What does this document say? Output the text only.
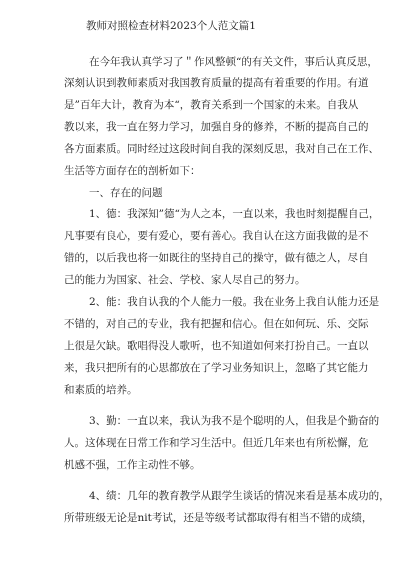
教师对照检查材料2023个人范文篇1
在今年我认真学习了＂作风整顿“的有关文件，事后认真反思，
深刻认识到教师素质对我国教育质量的提高有着重要的作用。有道
是”百年大计，教育为本“，教育关系到一个国家的未来。自我从
教以来，我一直在努力学习，加强自身的修养，不断的提高自己的
各方面素质。同时经过这段时间自我的深刻反思，我对自己在工作、
生活等方面存在的剖析如下：
一、存在的问题
1、德：我深知”德“为人之本，一直以来，我也时刻提醒自己，
凡事要有良心，要有爱心，要有善心。我自认在这方面我做的是不
错的，以后我也将一如既往的坚持自己的操守，做有德之人，尽自
己的能力为国家、社会、学校、家人尽自己的努力。
2、能：我自认我的个人能力一般。我在业务上我自认能力还是
不错的，对自己的专业，我有把握和信心。但在如何玩、乐、交际
上很是欠缺。歌唱得没人歌听，也不知道如何来打扮自己。一直以
来，我只把所有的心思都放在了学习业务知识上，忽略了其它能力
和素质的培养。
3、勤：一直以来，我认为我不是个聪明的人，但我是个勤奋的
人。这体现在日常工作和学习生活中。但近几年来也有所松懈，危
机感不强，工作主动性不够。
4、绩：几年的教育教学从跟学生谈话的情况来看是基本成功的，
所带班级无论是nit考试，还是等级考试都取得有相当不错的成绩，
